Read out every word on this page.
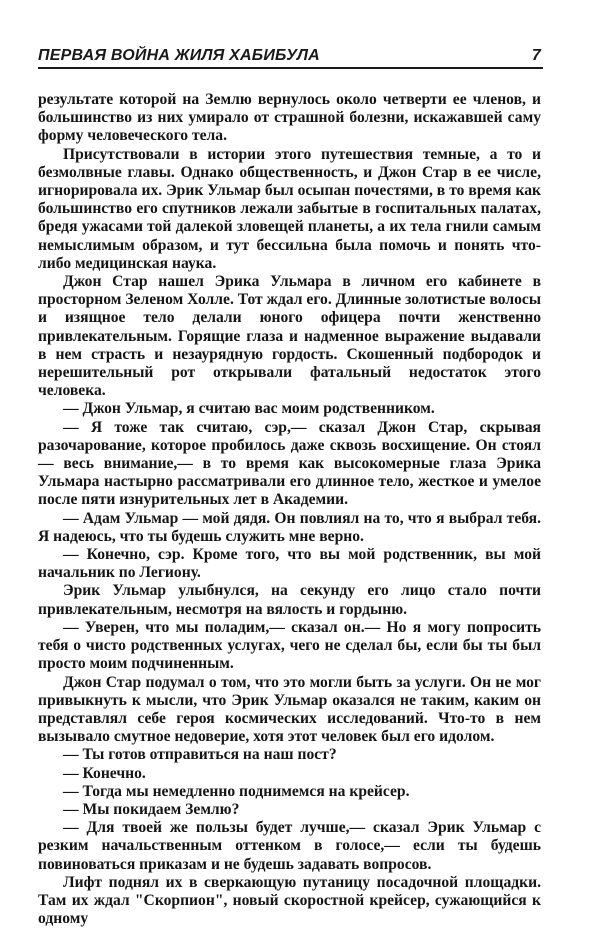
ПЕРВАЯ ВОЙНА ЖИЛЯ ХАБИБУЛА	7

результате которой на Землю вернулось около четверти ее членов, и большинство из них умирало от страшной болезни, искажавшей саму форму человеческого тела.

Присутствовали в истории этого путешествия темные, а то и безмолвные главы. Однако общественность, и Джон Стар в ее числе, игнорировала их. Эрик Ульмар был осыпан почестями, в то время как большинство его спутников лежали забытые в госпитальных палатах, бредя ужасами той далекой зловещей планеты, а их тела гнили самым немыслимым образом, и тут бессильна была помочь и понять что-либо медицинская наука.

Джон Стар нашел Эрика Ульмара в личном его кабинете в просторном Зеленом Холле. Тот ждал его. Длинные золотистые волосы и изящное тело делали юного офицера почти женственно привлекательным. Горящие глаза и надменное выражение выдавали в нем страсть и незаурядную гордость. Скошенный подбородок и нерешительный рот открывали фатальный недостаток этого человека.

— Джон Ульмар, я считаю вас моим родственником.

— Я тоже так считаю, сэр,— сказал Джон Стар, скрывая разочарование, которое пробилось даже сквозь восхищение. Он стоял — весь внимание,— в то время как высокомерные глаза Эрика Ульмара настырно рассматривали его длинное тело, жесткое и умелое после пяти изнурительных лет в Академии.

— Адам Ульмар — мой дядя. Он повлиял на то, что я выбрал тебя. Я надеюсь, что ты будешь служить мне верно.

— Конечно, сэр. Кроме того, что вы мой родственник, вы мой начальник по Легиону.

Эрик Ульмар улыбнулся, на секунду его лицо стало почти привлекательным, несмотря на вялость и гордыню.

— Уверен, что мы поладим,— сказал он.— Но я могу попросить тебя о чисто родственных услугах, чего не сделал бы, если бы ты был просто моим подчиненным.

Джон Стар подумал о том, что это могли быть за услуги. Он не мог привыкнуть к мысли, что Эрик Ульмар оказался не таким, каким он представлял себе героя космических исследований. Что-то в нем вызывало смутное недоверие, хотя этот человек был его идолом.

— Ты готов отправиться на наш пост?

— Конечно.

— Тогда мы немедленно поднимемся на крейсер.

— Мы покидаем Землю?

— Для твоей же пользы будет лучше,— сказал Эрик Ульмар с резким начальственным оттенком в голосе,— если ты будешь повиноваться приказам и не будешь задавать вопросов.

Лифт поднял их в сверкающую путаницу посадочной площадки. Там их ждал "Скорпион", новый скоростной крейсер, сужающийся к одному
